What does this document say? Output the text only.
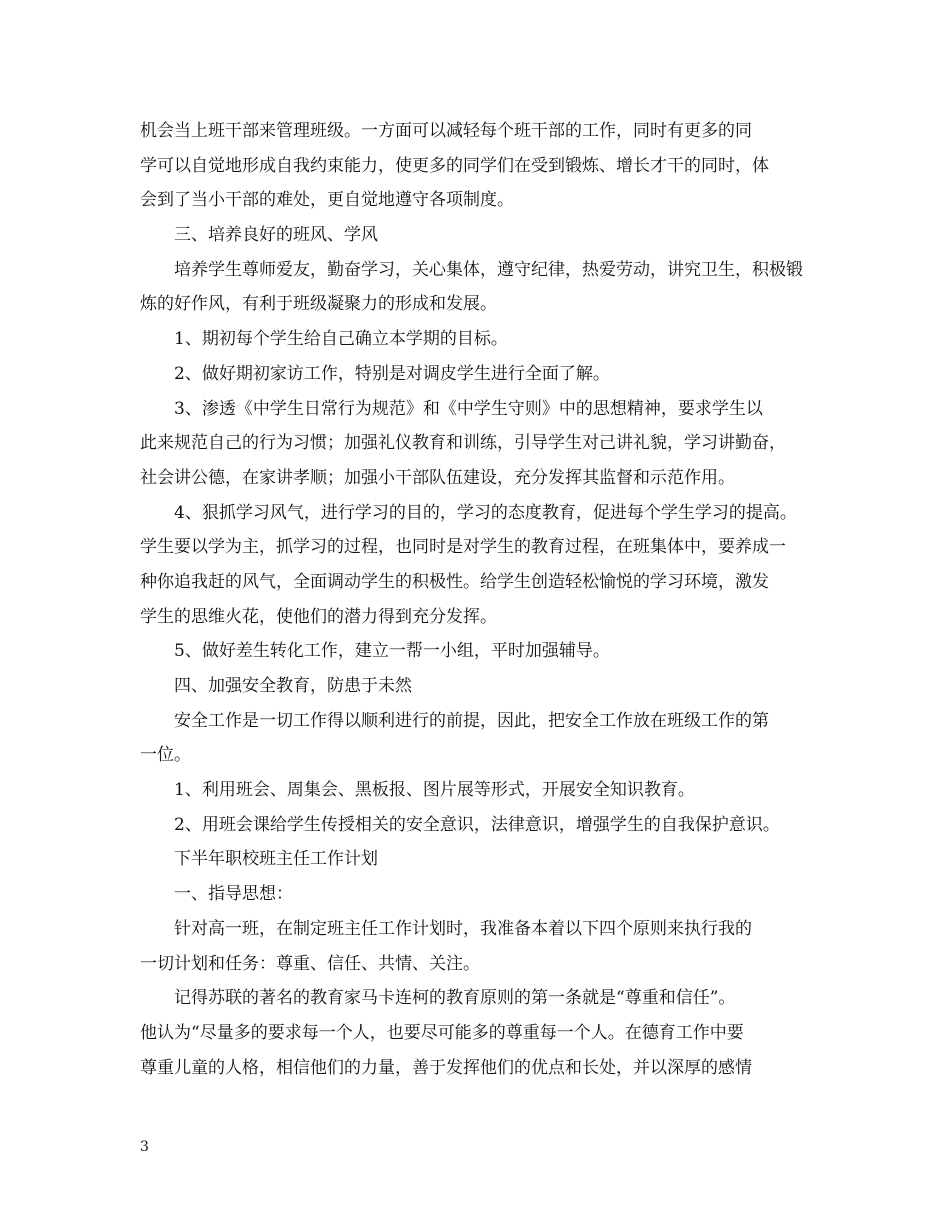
机会当上班干部来管理班级。一方面可以减轻每个班干部的工作，同时有更多的同
学可以自觉地形成自我约束能力，使更多的同学们在受到锻炼、增长才干的同时，体
会到了当小干部的难处，更自觉地遵守各项制度。
三、培养良好的班风、学风
培养学生尊师爱友，勤奋学习，关心集体，遵守纪律，热爱劳动，讲究卫生，积极锻
炼的好作风，有利于班级凝聚力的形成和发展。
1、期初每个学生给自己确立本学期的目标。
2、做好期初家访工作，特别是对调皮学生进行全面了解。
3、渗透《中学生日常行为规范》和《中学生守则》中的思想精神，要求学生以
此来规范自己的行为习惯；加强礼仪教育和训练，引导学生对己讲礼貌，学习讲勤奋，
社会讲公德，在家讲孝顺；加强小干部队伍建设，充分发挥其监督和示范作用。
4、狠抓学习风气，进行学习的目的，学习的态度教育，促进每个学生学习的提高。
学生要以学为主，抓学习的过程，也同时是对学生的教育过程，在班集体中，要养成一
种你追我赶的风气，全面调动学生的积极性。给学生创造轻松愉悦的学习环境，激发
学生的思维火花，使他们的潜力得到充分发挥。
5、做好差生转化工作，建立一帮一小组，平时加强辅导。
四、加强安全教育，防患于未然
安全工作是一切工作得以顺利进行的前提，因此，把安全工作放在班级工作的第
一位。
1、利用班会、周集会、黑板报、图片展等形式，开展安全知识教育。
2、用班会课给学生传授相关的安全意识，法律意识，增强学生的自我保护意识。
下半年职校班主任工作计划
一、指导思想：
针对高一班，在制定班主任工作计划时，我准备本着以下四个原则来执行我的
一切计划和任务：尊重、信任、共情、关注。
记得苏联的著名的教育家马卡连柯的教育原则的第一条就是“尊重和信任”。
他认为“尽量多的要求每一个人，也要尽可能多的尊重每一个人。在德育工作中要
尊重儿童的人格，相信他们的力量，善于发挥他们的优点和长处，并以深厚的感情
3
